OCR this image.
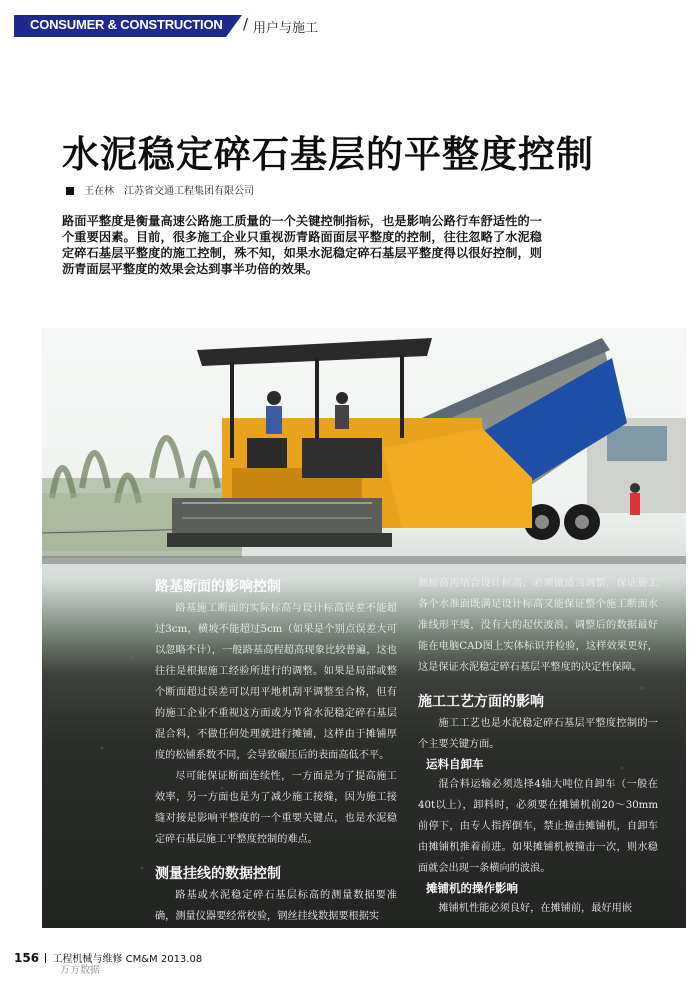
CONSUMER & CONSTRUCTION / 用户与施工
水泥稳定碎石基层的平整度控制
王在林　江苏省交通工程集团有限公司
路面平整度是衡量高速公路施工质量的一个关键控制指标，也是影响公路行车舒适性的一个重要因素。目前，很多施工企业只重视沥青路面面层平整度的控制，往往忽略了水泥稳定碎石基层平整度的施工控制，殊不知，如果水泥稳定碎石基层平整度得以很好控制，则沥青面层平整度的效果会达到事半功倍的效果。
路基断面的影响控制

路基施工断面的实际标高与设计标高误差不能超过3cm，横坡不能超过5cm（如果是个别点误差大可以忽略不计），一般路基高程超高现象比较普遍，这也往往是根据施工经验所进行的调整。如果是局部或整个断面超过误差可以用平地机刮平调整至合格，但有的施工企业不重视这方面或为节省水泥稳定碎石基层混合料，不做任何处理就进行摊铺，这样由于摊铺厚度的松铺系数不同，会导致碾压后的表面高低不平。

尽可能保证断面连续性，一方面是为了提高施工效率，另一方面也是为了减少施工接缝，因为施工接缝对接是影响平整度的一个重要关键点，也是水泥稳定碎石基层施工平整度控制的难点。

测量挂线的数据控制

路基或水泥稳定碎石基层标高的测量数据要准确，测量仪器要经常校验，钢丝挂线数据要根据实

测标高再结合设计标高，必须做适当调整，保证施工各个水准面既满足设计标高又能保证整个施工断面水准线形平缓，没有大的起伏波浪。调整后的数据最好能在电脑CAD图上实体标识并检验，这样效果更好，这是保证水泥稳定碎石基层平整度的决定性保障。

施工工艺方面的影响

施工工艺也是水泥稳定碎石基层平整度控制的一个主要关键方面。

运料自卸车

混合料运输必须选择4轴大吨位自卸车（一般在40t以上），卸料时，必须要在摊铺机前20～30mm前停下，由专人指挥倒车，禁止撞击摊铺机，自卸车由摊铺机推着前进。如果摊铺机被撞击一次，则水稳面就会出现一条横向的波浪。

摊铺机的操作影响

摊铺机性能必须良好，在摊铺前，最好用嵌

156 工程机械与维修 CM&M 2013.08
万方数据
